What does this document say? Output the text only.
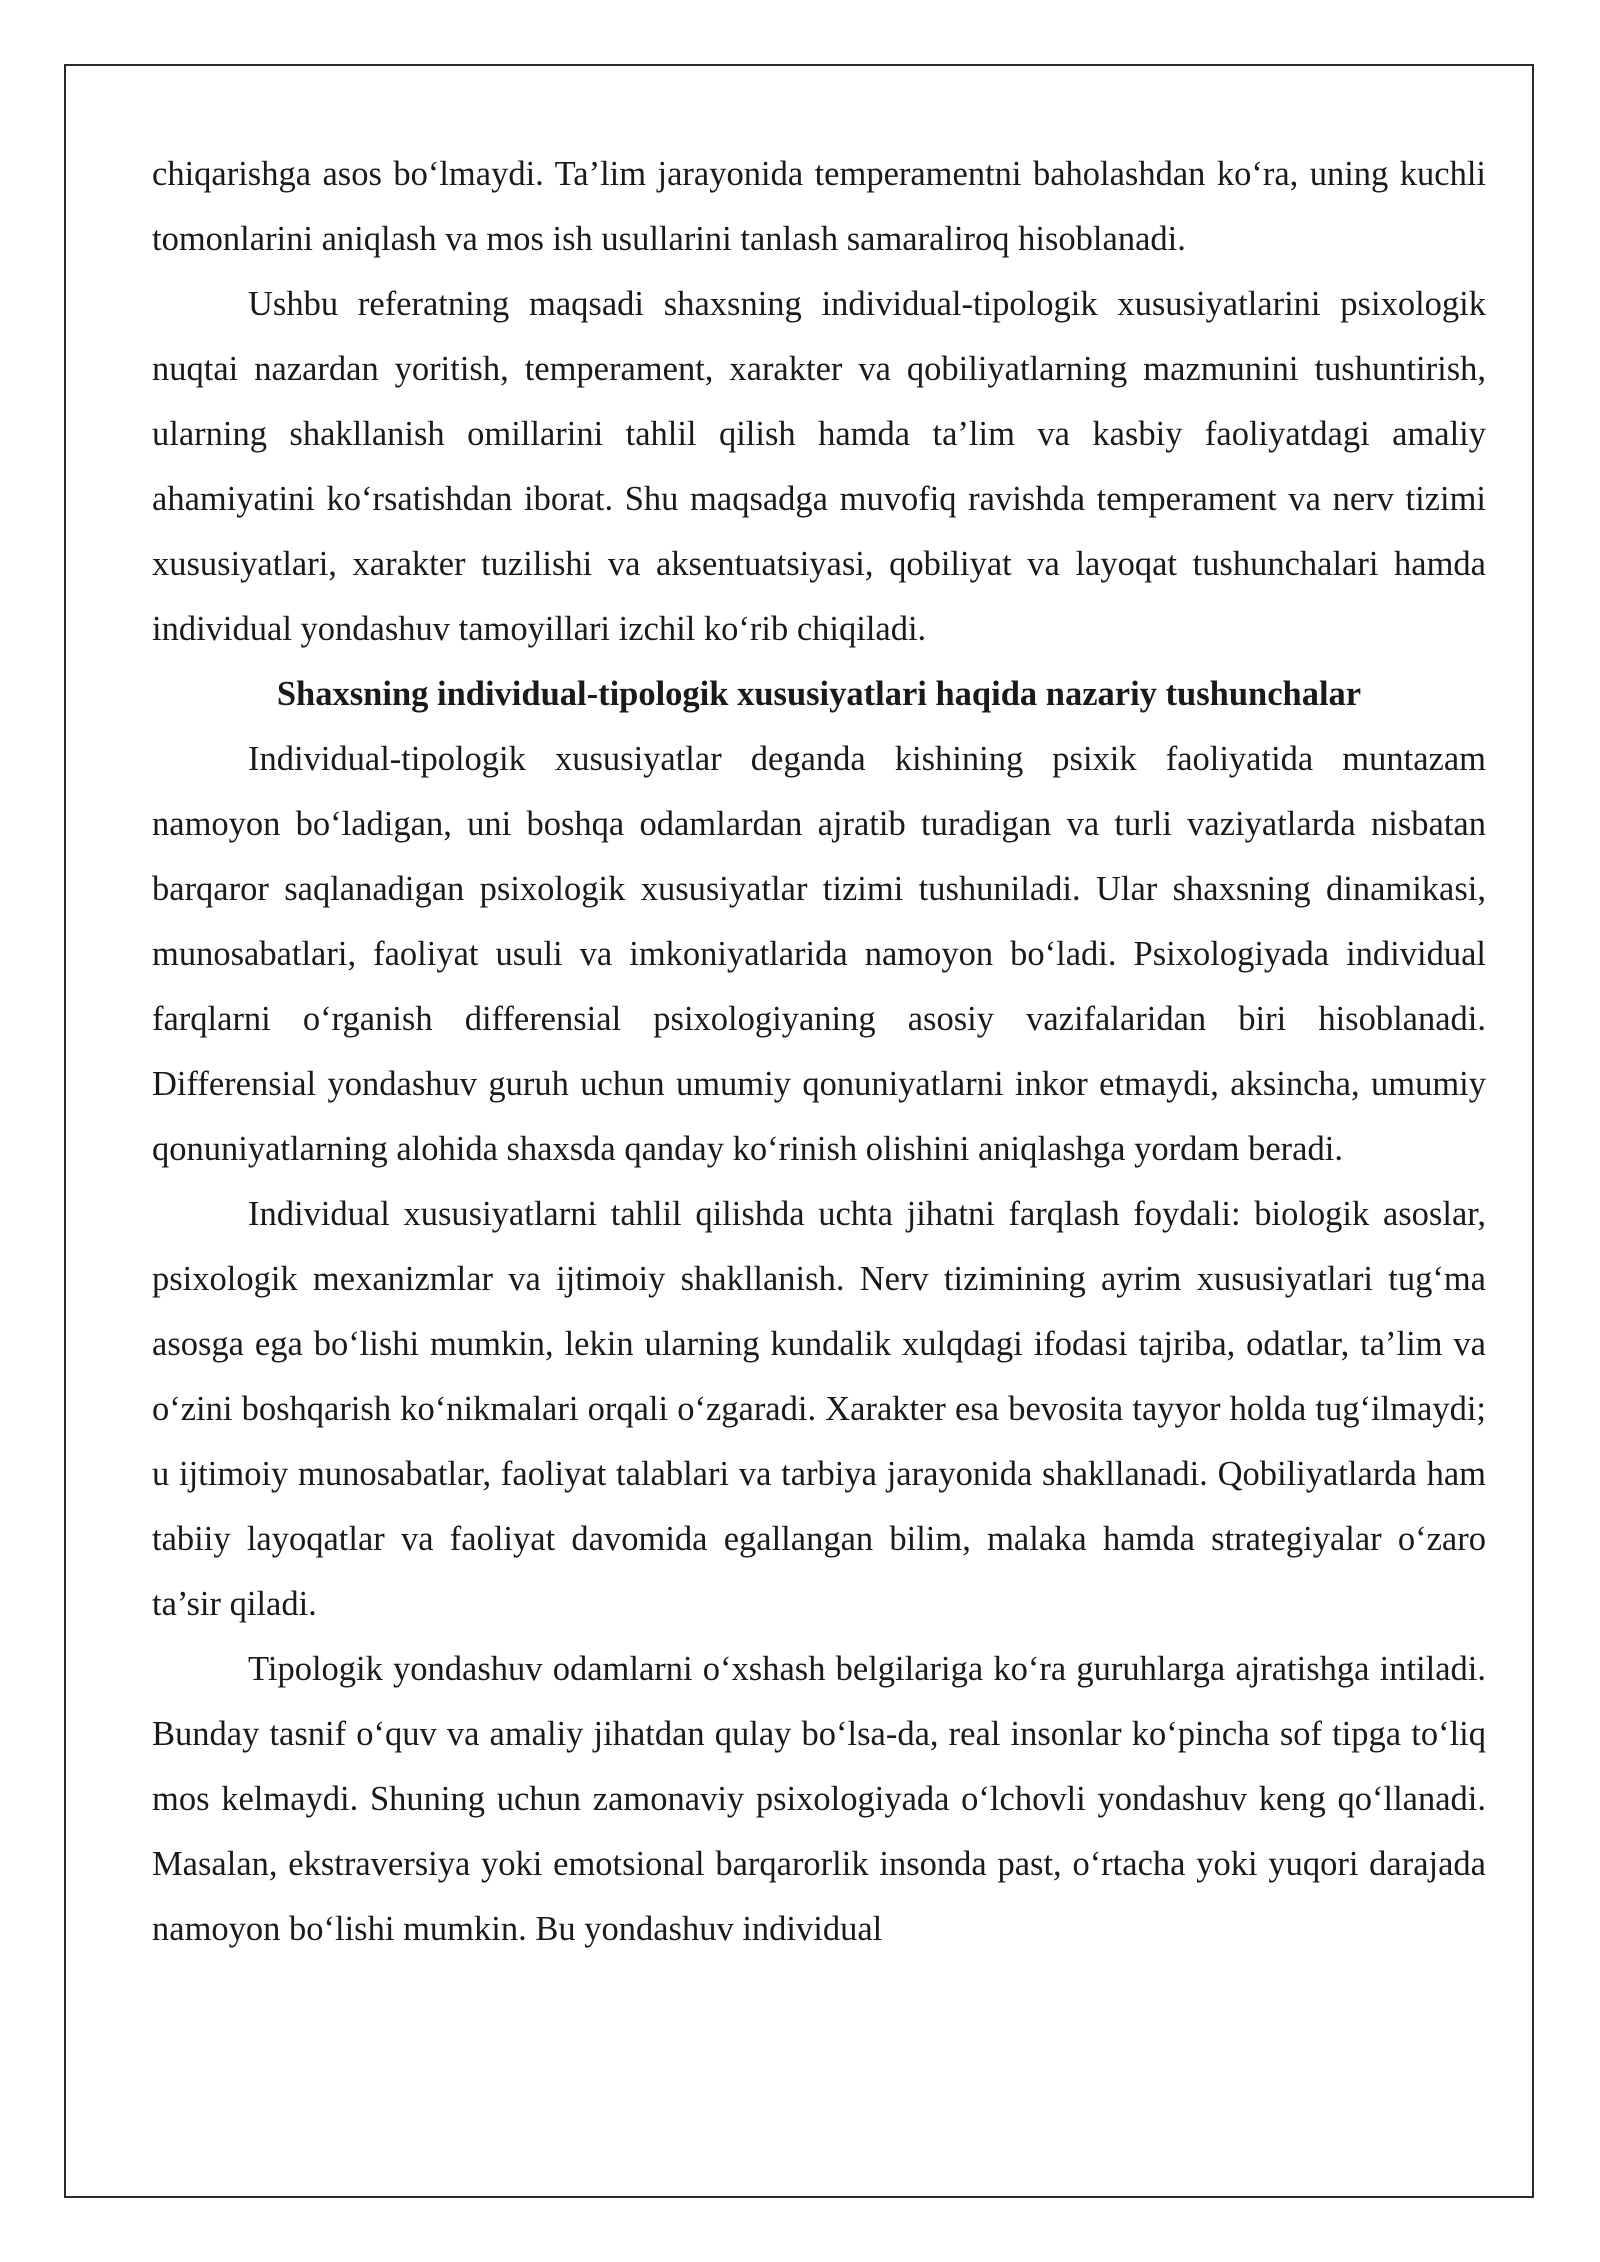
chiqarishga asos bo‘lmaydi. Ta’lim jarayonida temperamentni baholashdan ko‘ra, uning kuchli tomonlarini aniqlash va mos ish usullarini tanlash samaraliroq hisoblanadi.

Ushbu referatning maqsadi shaxsning individual-tipologik xususiyatlarini psixologik nuqtai nazardan yoritish, temperament, xarakter va qobiliyatlarning mazmunini tushuntirish, ularning shakllanish omillarini tahlil qilish hamda ta’lim va kasbiy faoliyatdagi amaliy ahamiyatini ko‘rsatishdan iborat. Shu maqsadga muvofiq ravishda temperament va nerv tizimi xususiyatlari, xarakter tuzilishi va aksentuatsiyasi, qobiliyat va layoqat tushunchalari hamda individual yondashuv tamoyillari izchil ko‘rib chiqiladi.

Shaxsning individual-tipologik xususiyatlari haqida nazariy tushunchalar

Individual-tipologik xususiyatlar deganda kishining psixik faoliyatida muntazam namoyon bo‘ladigan, uni boshqa odamlardan ajratib turadigan va turli vaziyatlarda nisbatan barqaror saqlanadigan psixologik xususiyatlar tizimi tushuniladi. Ular shaxsning dinamikasi, munosabatlari, faoliyat usuli va imkoniyatlarida namoyon bo‘ladi. Psixologiyada individual farqlarni o‘rganish differensial psixologiyaning asosiy vazifalaridan biri hisoblanadi. Differensial yondashuv guruh uchun umumiy qonuniyatlarni inkor etmaydi, aksincha, umumiy qonuniyatlarning alohida shaxsda qanday ko‘rinish olishini aniqlashga yordam beradi.

Individual xususiyatlarni tahlil qilishda uchta jihatni farqlash foydali: biologik asoslar, psixologik mexanizmlar va ijtimoiy shakllanish. Nerv tizimining ayrim xususiyatlari tug‘ma asosga ega bo‘lishi mumkin, lekin ularning kundalik xulqdagi ifodasi tajriba, odatlar, ta’lim va o‘zini boshqarish ko‘nikmalari orqali o‘zgaradi. Xarakter esa bevosita tayyor holda tug‘ilmaydi; u ijtimoiy munosabatlar, faoliyat talablari va tarbiya jarayonida shakllanadi. Qobiliyatlarda ham tabiiy layoqatlar va faoliyat davomida egallangan bilim, malaka hamda strategiyalar o‘zaro ta’sir qiladi.

Tipologik yondashuv odamlarni o‘xshash belgilariga ko‘ra guruhlarga ajratishga intiladi. Bunday tasnif o‘quv va amaliy jihatdan qulay bo‘lsa-da, real insonlar ko‘pincha sof tipga to‘liq mos kelmaydi. Shuning uchun zamonaviy psixologiyada o‘lchovli yondashuv keng qo‘llanadi. Masalan, ekstraversiya yoki emotsional barqarorlik insonda past, o‘rtacha yoki yuqori darajada namoyon bo‘lishi mumkin. Bu yondashuv individual
